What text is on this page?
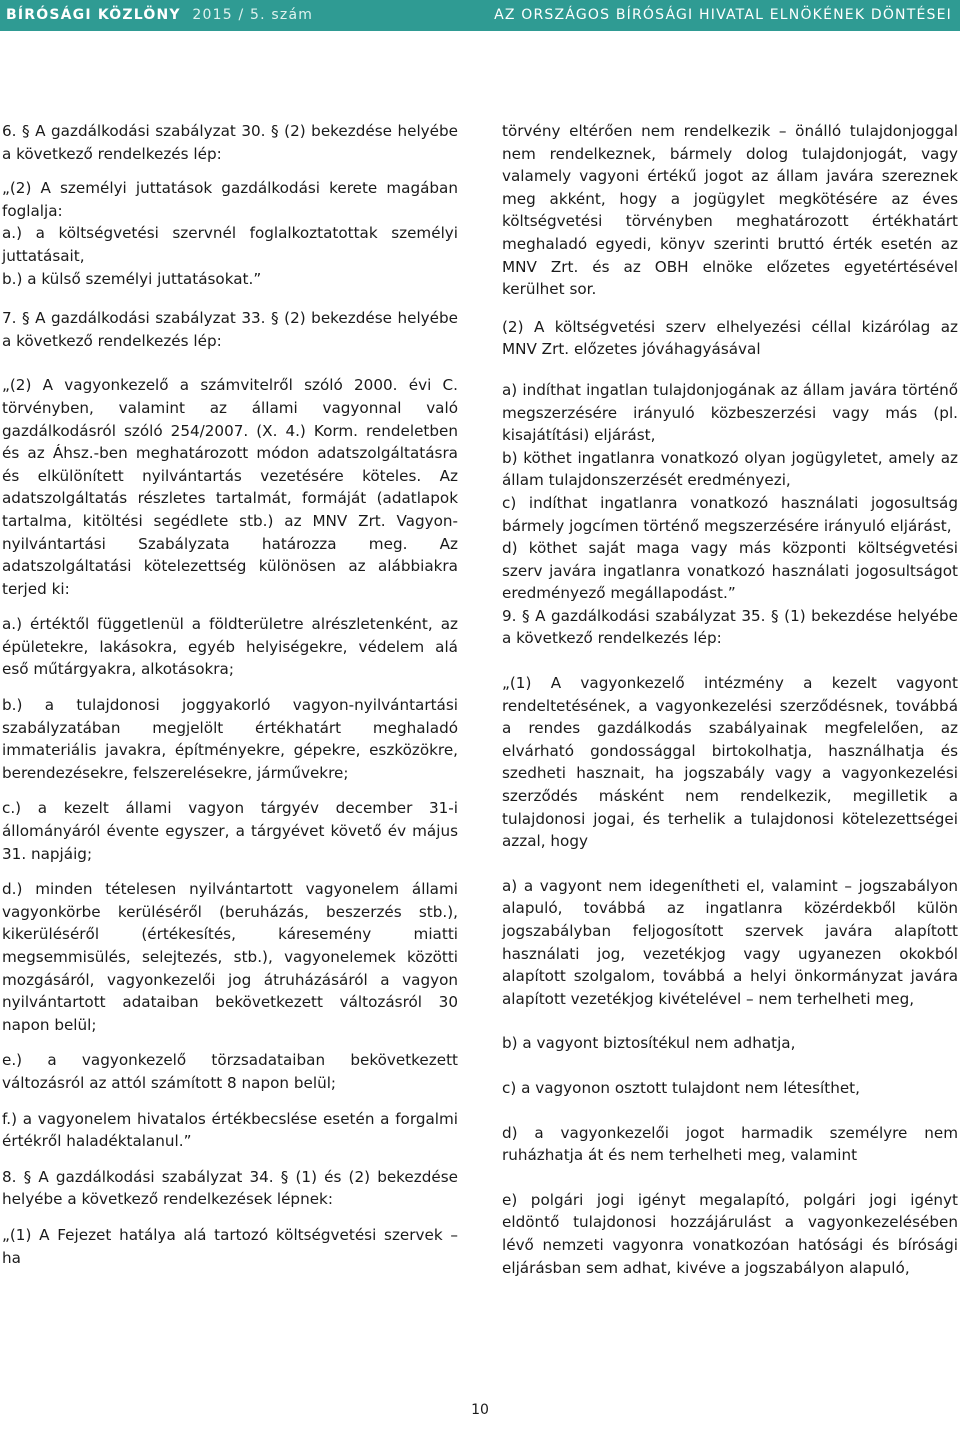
BÍRÓSÁGI KÖZLÖNY 2015 / 5. szám	AZ ORSZÁGOS BÍRÓSÁGI HIVATAL ELNÖKÉNEK DÖNTÉSEI

6. § A gazdálkodási szabályzat 30. § (2) bekezdése helyébe a következő rendelkezés lép:

„(2) A személyi juttatások gazdálkodási kerete magában foglalja:

a.) a költségvetési szervnél foglalkoztatottak személyi juttatásait,

b.) a külső személyi juttatásokat.”

7. § A gazdálkodási szabályzat 33. § (2) bekezdése helyébe a következő rendelkezés lép:

„(2) A vagyonkezelő a számvitelről szóló 2000. évi C. törvényben, valamint az állami vagyonnal való gazdálkodásról szóló 254/2007. (X. 4.) Korm. rendeletben és az Áhsz.-ben meghatározott módon adatszolgáltatásra és elkülönített nyilvántartás vezetésére köteles. Az adatszolgáltatás részletes tartalmát, formáját (adatlapok tartalma, kitöltési segédlete stb.) az MNV Zrt. Vagyon-nyilvántartási Szabályzata határozza meg. Az adatszolgáltatási kötelezettség különösen az alábbiakra terjed ki:

a.) értéktől függetlenül a földterületre alrészletenként, az épületekre, lakásokra, egyéb helyiségekre, védelem alá eső műtárgyakra, alkotásokra;

b.) a tulajdonosi joggyakorló vagyon-nyilvántartási szabályzatában megjelölt értékhatárt meghaladó immateriális javakra, építményekre, gépekre, eszközökre, berendezésekre, felszerelésekre, járművekre;

c.) a kezelt állami vagyon tárgyév december 31-i állományáról évente egyszer, a tárgyévet követő év május 31. napjáig;

d.) minden tételesen nyilvántartott vagyonelem állami vagyonkörbe kerüléséről (beruházás, beszerzés stb.), kikerüléséről (értékesítés, káresemény miatti megsemmisülés, selejtezés, stb.), vagyonelemek közötti mozgásáról, vagyonkezelői jog átruházásáról a vagyon nyilvántartott adataiban bekövetkezett változásról 30 napon belül;

e.) a vagyonkezelő törzsadataiban bekövetkezett változásról az attól számított 8 napon belül;

f.) a vagyonelem hivatalos értékbecslése esetén a forgalmi értékről haladéktalanul.”

8. § A gazdálkodási szabályzat 34. § (1) és (2) bekezdése helyébe a következő rendelkezések lépnek:

„(1) A Fejezet hatálya alá tartozó költségvetési szervek – ha

törvény eltérően nem rendelkezik – önálló tulajdonjoggal nem rendelkeznek, bármely dolog tulajdonjogát, vagy valamely vagyoni értékű jogot az állam javára szereznek meg akként, hogy a jogügylet megkötésére az éves költségvetési törvényben meghatározott értékhatárt meghaladó egyedi, könyv szerinti bruttó érték esetén az MNV Zrt. és az OBH elnöke előzetes egyetértésével kerülhet sor.

(2) A költségvetési szerv elhelyezési céllal kizárólag az MNV Zrt. előzetes jóváhagyásával

a) indíthat ingatlan tulajdonjogának az állam javára történő megszerzésére irányuló közbeszerzési vagy más (pl. kisajátítási) eljárást,

b) köthet ingatlanra vonatkozó olyan jogügyletet, amely az állam tulajdonszerzését eredményezi,

c) indíthat ingatlanra vonatkozó használati jogosultság bármely jogcímen történő megszerzésére irányuló eljárást,

d) köthet saját maga vagy más központi költségvetési szerv javára ingatlanra vonatkozó használati jogosultságot eredményező megállapodást.”

9. § A gazdálkodási szabályzat 35. § (1) bekezdése helyébe a következő rendelkezés lép:

„(1) A vagyonkezelő intézmény a kezelt vagyont rendeltetésének, a vagyonkezelési szerződésnek, továbbá a rendes gazdálkodás szabályainak megfelelően, az elvárható gondossággal birtokolhatja, használhatja és szedheti hasznait, ha jogszabály vagy a vagyonkezelési szerződés másként nem rendelkezik, megilletik a tulajdonosi jogai, és terhelik a tulajdonosi kötelezettségei azzal, hogy

a) a vagyont nem idegenítheti el, valamint – jogszabályon alapuló, továbbá az ingatlanra közérdekből külön jogszabályban feljogosított szervek javára alapított használati jog, vezetékjog vagy ugyanezen okokból alapított szolgalom, továbbá a helyi önkormányzat javára alapított vezetékjog kivételével – nem terhelheti meg,

b) a vagyont biztosítékul nem adhatja,

c) a vagyonon osztott tulajdont nem létesíthet,

d) a vagyonkezelői jogot harmadik személyre nem ruházhatja át és nem terhelheti meg, valamint

e) polgári jogi igényt megalapító, polgári jogi igényt eldöntő tulajdonosi hozzájárulást a vagyonkezelésében lévő nemzeti vagyonra vonatkozóan hatósági és bírósági eljárásban sem adhat, kivéve a jogszabályon alapuló,

10
